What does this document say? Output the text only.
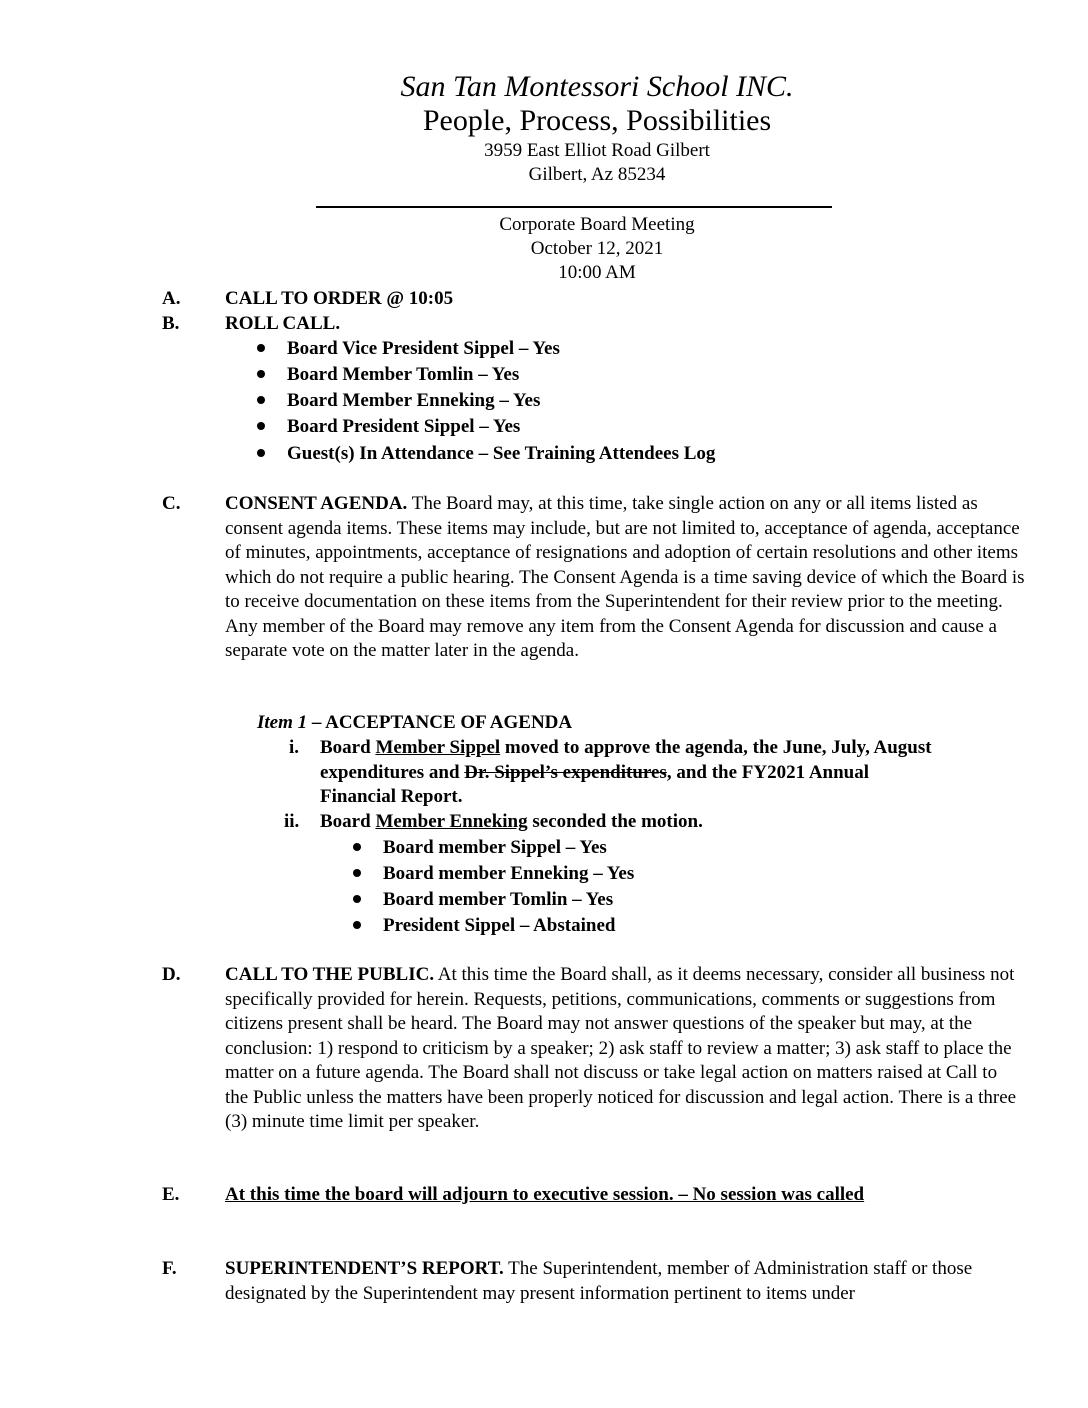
San Tan Montessori School INC.
People, Process, Possibilities
3959 East Elliot Road Gilbert
Gilbert, Az 85234
Corporate Board Meeting
October 12, 2021
10:00 AM
A. CALL TO ORDER @ 10:05
B. ROLL CALL.
Board Vice President Sippel – Yes
Board Member Tomlin – Yes
Board Member Enneking – Yes
Board President Sippel – Yes
Guest(s) In Attendance – See Training Attendees Log
C. CONSENT AGENDA. The Board may, at this time, take single action on any or all items listed as consent agenda items. These items may include, but are not limited to, acceptance of agenda, acceptance of minutes, appointments, acceptance of resignations and adoption of certain resolutions and other items which do not require a public hearing. The Consent Agenda is a time saving device of which the Board is to receive documentation on these items from the Superintendent for their review prior to the meeting. Any member of the Board may remove any item from the Consent Agenda for discussion and cause a separate vote on the matter later in the agenda.
Item 1 – ACCEPTANCE OF AGENDA
i. Board Member Sippel moved to approve the agenda, the June, July, August
expenditures and Dr. Sippel’s expenditures, and the FY2021 Annual
Financial Report.
ii. Board Member Enneking seconded the motion.
Board member Sippel – Yes
Board member Enneking – Yes
Board member Tomlin – Yes
President Sippel – Abstained
D. CALL TO THE PUBLIC. At this time the Board shall, as it deems necessary, consider all business not specifically provided for herein. Requests, petitions, communications, comments or suggestions from citizens present shall be heard. The Board may not answer questions of the speaker but may, at the conclusion: 1) respond to criticism by a speaker; 2) ask staff to review a matter; 3) ask staff to place the matter on a future agenda. The Board shall not discuss or take legal action on matters raised at Call to the Public unless the matters have been properly noticed for discussion and legal action. There is a three (3) minute time limit per speaker.
E. At this time the board will adjourn to executive session. – No session was called
F.	SUPERINTENDENT’S REPORT. The Superintendent, member of Administration staff or those designated by the Superintendent may present information pertinent to items under
